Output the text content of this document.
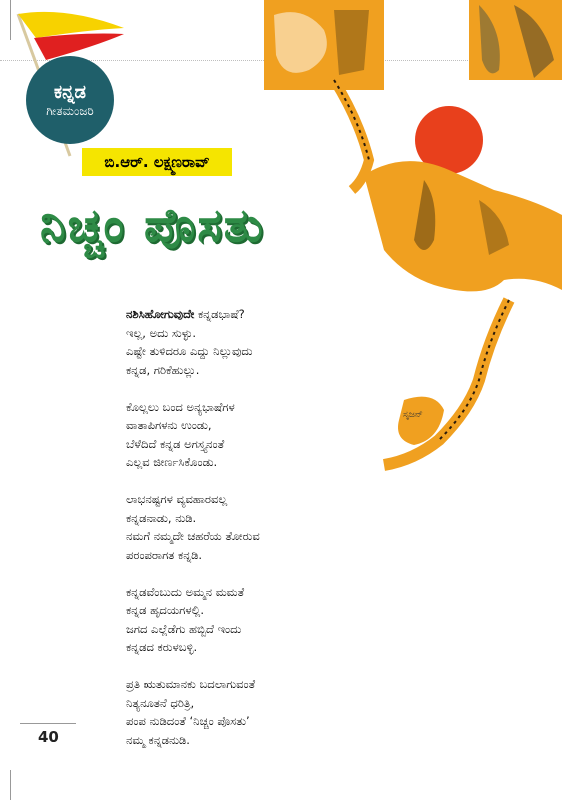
ಕನ್ನಡ
ಗೀತಮಂಜರಿ
ಬಿ.ಆರ್. ಲಕ್ಷ್ಮಣರಾವ್
ನಿಚ್ಚಂ ಪೊಸತು
ಸೃಜನ್
ನಶಿಸಿಹೋಗುವುದೇ ಕನ್ನಡಭಾಷೆ?
ಇಲ್ಲ, ಅದು ಸುಳ್ಳು.
ಎಷ್ಟೇ ತುಳಿದರೂ ಎದ್ದು ನಿಲ್ಲುವುದು
ಕನ್ನಡ, ಗರಿಕೆಹುಲ್ಲು.
ಕೊಲ್ಲಲು ಬಂದ ಅನ್ಯಭಾಷೆಗಳ
ವಾತಾಪಿಗಳನು ಉಂಡು,
ಬೆಳೆದಿದೆ ಕನ್ನಡ ಅಗಸ್ತ್ಯನಂತೆ
ಎಲ್ಲವ ಜೀರ್ಣಸಿಕೊಂಡು.
ಲಾಭನಷ್ಟಗಳ ವ್ಯವಹಾರವಲ್ಲ
ಕನ್ನಡನಾಡು, ನುಡಿ.
ನಮಗೆ ನಮ್ಮದೇ ಚಹರೆಯ ತೋರುವ
ಪರಂಪರಾಗತ ಕನ್ನಡಿ.
ಕನ್ನಡವೆಂಬುದು ಅಮ್ಮನ ಮಮತೆ
ಕನ್ನಡ ಹೃದಯಗಳಲ್ಲಿ.
ಜಗದ ಎಲ್ಲೆಡೆಗು ಹಬ್ಬಿದೆ ಇಂದು
ಕನ್ನಡದ ಕರುಳಬಳ್ಳಿ.
ಪ್ರತಿ ಋತುಮಾನಕು ಬದಲಾಗುವಂತೆ
ನಿತ್ಯನೂತನೆ ಧರಿತ್ರಿ,
ಪಂಪ ನುಡಿದಂತೆ ‘ನಿಚ್ಚಂ ಪೊಸತು’
ನಮ್ಮ ಕನ್ನಡನುಡಿ.
40
